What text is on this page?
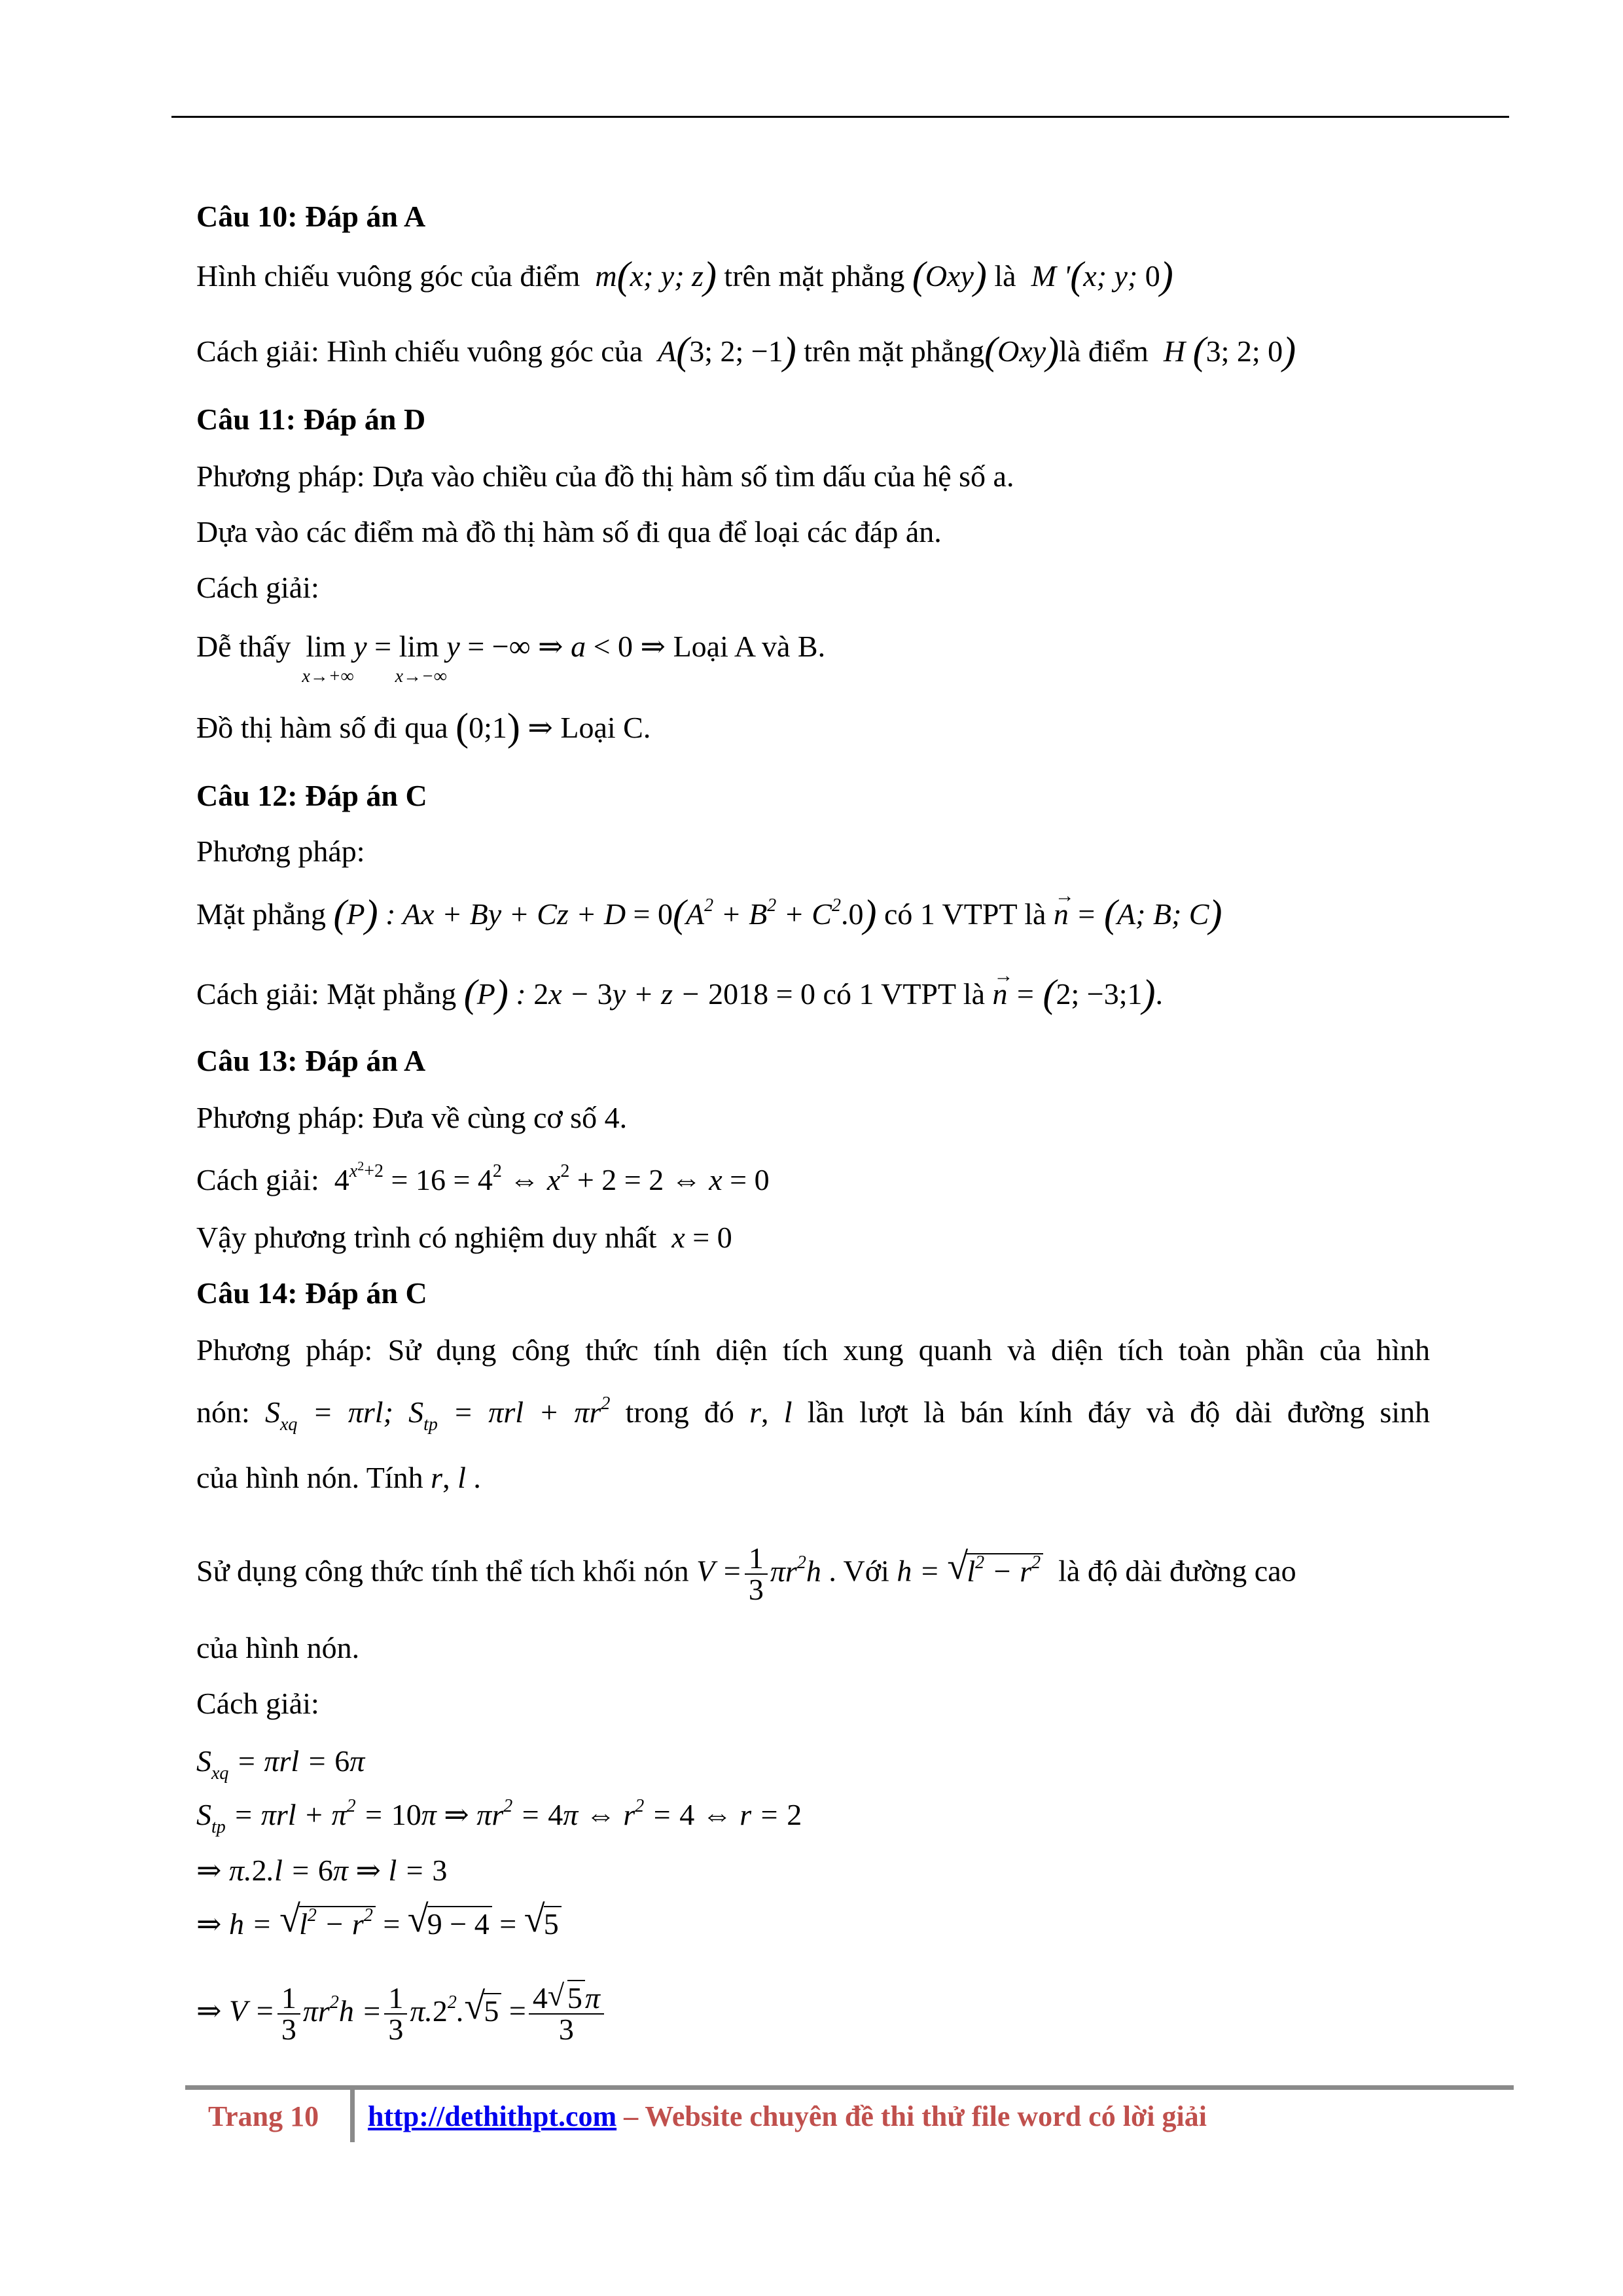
Câu 10: Đáp án A
Hình chiếu vuông góc của điểm  m(x; y; z) trên mặt phẳng (Oxy) là  M '(x; y; 0)
Cách giải: Hình chiếu vuông góc của  A(3; 2; −1) trên mặt phẳng(Oxy)là điểm  H (3; 2; 0)
Câu 11: Đáp án D
Phương pháp: Dựa vào chiều của đồ thị hàm số tìm dấu của hệ số a.
Dựa vào các điểm mà đồ thị hàm số đi qua để loại các đáp án.
Cách giải:
Dễ thấy lim
x→+∞
y = lim
x→−∞
y = −∞ ⇒ a < 0 ⇒ Loại A và B.
Đồ thị hàm số đi qua (0;1) ⇒ Loại C.
Câu 12: Đáp án C
Phương pháp:
Mặt phẳng (P) : $Ax + By + Cz + D = 0(A^2 + B^2 + C^2.0)$ có 1 VTPT là → n = (A; B; C)
Cách giải: Mặt phẳng (P) : 2x − 3y + z − 2018 = 0 có 1 VTPT là → n = (2; −3;1).
Câu 13: Đáp án A
Phương pháp: Đưa về cùng cơ số 4.
Cách giải:  $4^{x^2+2} = 16 = 4^2$ ⇔ $x^2 + 2 = 2$ ⇔ x = 0
Vậy phương trình có nghiệm duy nhất x = 0
Câu 14: Đáp án C
Phương pháp: Sử dụng công thức tính diện tích xung quanh và diện tích toàn phần của hình
nón: $S_{xq} = \pi rl$; $S_{tp} = \pi rl + \pi r^2$ trong đó r, l lần lượt là bán kính đáy và độ dài đường sinh
của hình nón. Tính r, l .
Sử dụng công thức tính thể tích khối nón $V = \frac{1}{3} \pi r^2h$ . Với h = √
$l^2 - r^2$ là độ dài đường cao
của hình nón.
Cách giải:
$S_{xq} = \pi rl = 6\pi$
$S_{tp} = \pi rl + \pi^2 = 10\pi$ ⇒ $\pi r^2 = 4\pi$ ⇔ $r^2 = 4$ ⇔ r = 2
⇒ π.2.l = 6π ⇒ l = 3
⇒ h = √
$l^2 - r^2$ = √
9 − 4 = √
5
⇒ $V = \frac{1}{3} \pi r^2h = \frac{1}{3} \pi.2^2$. √
$5 = \frac{4 √ 5\pi}{3}$
Trang 10 http://dethithpt.com – Website chuyên đề thi thử file word có lời giải
